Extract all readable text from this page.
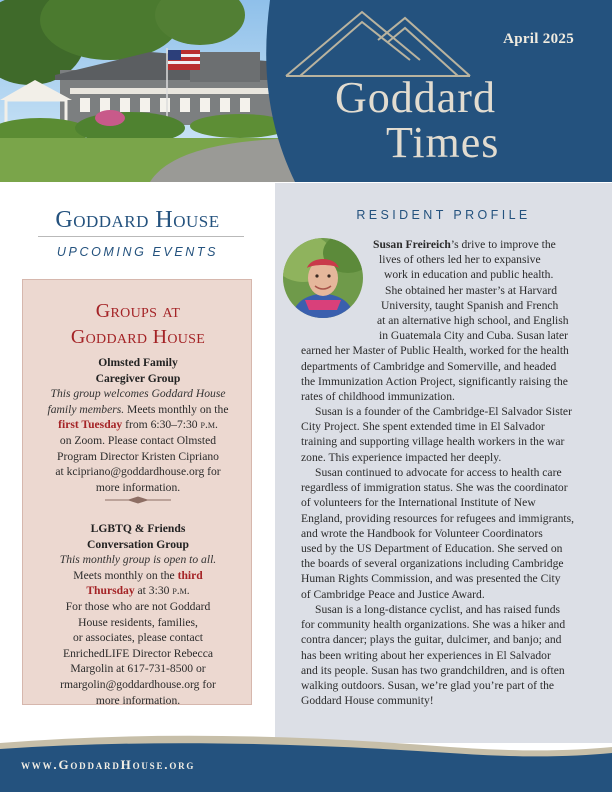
April 2025
Goddard
Times
Goddard House
UPCOMING EVENTS
Groups at
Goddard House
Olmsted Family
Caregiver Group
This group welcomes Goddard House
family members. Meets monthly on the
first Tuesday from 6:30–7:30 p.m.
on Zoom. Please contact Olmsted
Program Director Kristen Cipriano
at kcipriano@goddardhouse.org for
more information.
LGBTQ & Friends
Conversation Group
This monthly group is open to all.
Meets monthly on the third
Thursday at 3:30 p.m.
For those who are not Goddard
House residents, families,
or associates, please contact
EnrichedLIFE Director Rebecca
Margolin at 617-731-8500 or
rmargolin@goddardhouse.org for
more information.
RESIDENT PROFILE
Susan Freireich’s drive to improve the
lives of others led her to expansive
work in education and public health.
She obtained her master’s at Harvard
University, taught Spanish and French
at an alternative high school, and English
in Guatemala City and Cuba. Susan later
earned her Master of Public Health, worked for the health
departments of Cambridge and Somerville, and headed
the Immunization Action Project, significantly raising the
rates of childhood immunization.
Susan is a founder of the Cambridge-El Salvador Sister
City Project. She spent extended time in El Salvador
training and supporting village health workers in the war
zone. This experience impacted her deeply.
Susan continued to advocate for access to health care
regardless of immigration status. She was the coordinator
of volunteers for the International Institute of New
England, providing resources for refugees and immigrants,
and wrote the Handbook for Volunteer Coordinators
used by the US Department of Education. She served on
the boards of several organizations including Cambridge
Human Rights Commission, and was presented the City
of Cambridge Peace and Justice Award.
Susan is a long-distance cyclist, and has raised funds
for community health organizations. She was a hiker and
contra dancer; plays the guitar, dulcimer, and banjo; and
has been writing about her experiences in El Salvador
and its people. Susan has two grandchildren, and is often
walking outdoors. Susan, we’re glad you’re part of the
Goddard House community!
www.GoddardHouse.org
